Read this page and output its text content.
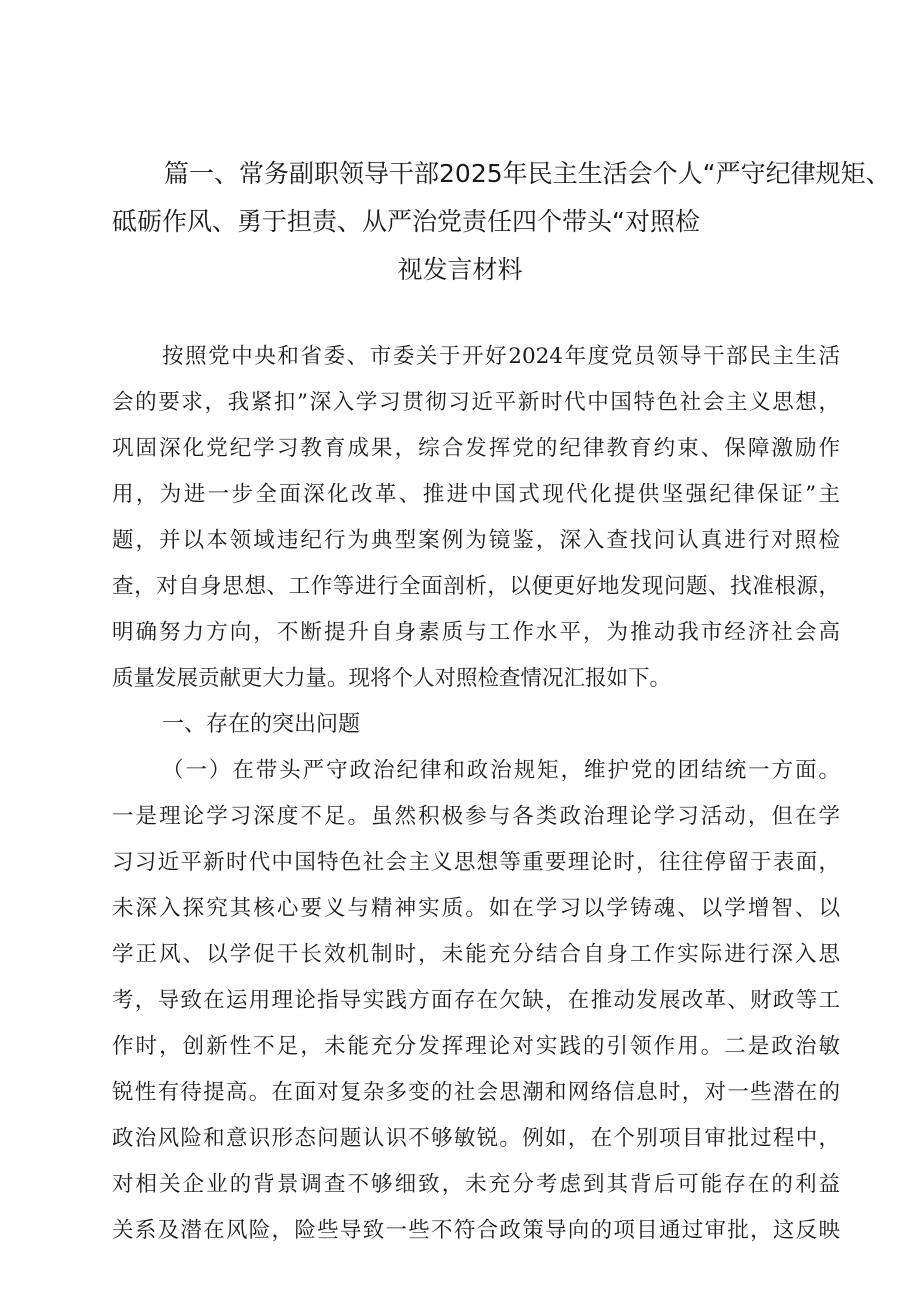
篇一、常务副职领导干部2025年民主生活会个人“严守纪律规矩、
砥砺作风、勇于担责、从严治党责任四个带头“对照检
视发言材料

按照党中央和省委、市委关于开好2024年度党员领导干部民主生活
会的要求，我紧扣”深入学习贯彻习近平新时代中国特色社会主义思想，
巩固深化党纪学习教育成果，综合发挥党的纪律教育约束、保障激励作
用，为进一步全面深化改革、推进中国式现代化提供坚强纪律保证”主
题，并以本领域违纪行为典型案例为镜鉴，深入查找问认真进行对照检
查，对自身思想、工作等进行全面剖析，以便更好地发现问题、找准根源，
明确努力方向，不断提升自身素质与工作水平，为推动我市经济社会高
质量发展贡献更大力量。现将个人对照检查情况汇报如下。

一、存在的突出问题

（一）在带头严守政治纪律和政治规矩，维护党的团结统一方面。
一是理论学习深度不足。虽然积极参与各类政治理论学习活动，但在学
习习近平新时代中国特色社会主义思想等重要理论时，往往停留于表面，
未深入探究其核心要义与精神实质。如在学习以学铸魂、以学增智、以
学正风、以学促干长效机制时，未能充分结合自身工作实际进行深入思
考，导致在运用理论指导实践方面存在欠缺，在推动发展改革、财政等工
作时，创新性不足，未能充分发挥理论对实践的引领作用。二是政治敏
锐性有待提高。在面对复杂多变的社会思潮和网络信息时，对一些潜在的
政治风险和意识形态问题认识不够敏锐。例如，在个别项目审批过程中，
对相关企业的背景调查不够细致，未充分考虑到其背后可能存在的利益
关系及潜在风险，险些导致一些不符合政策导向的项目通过审批，这反映
